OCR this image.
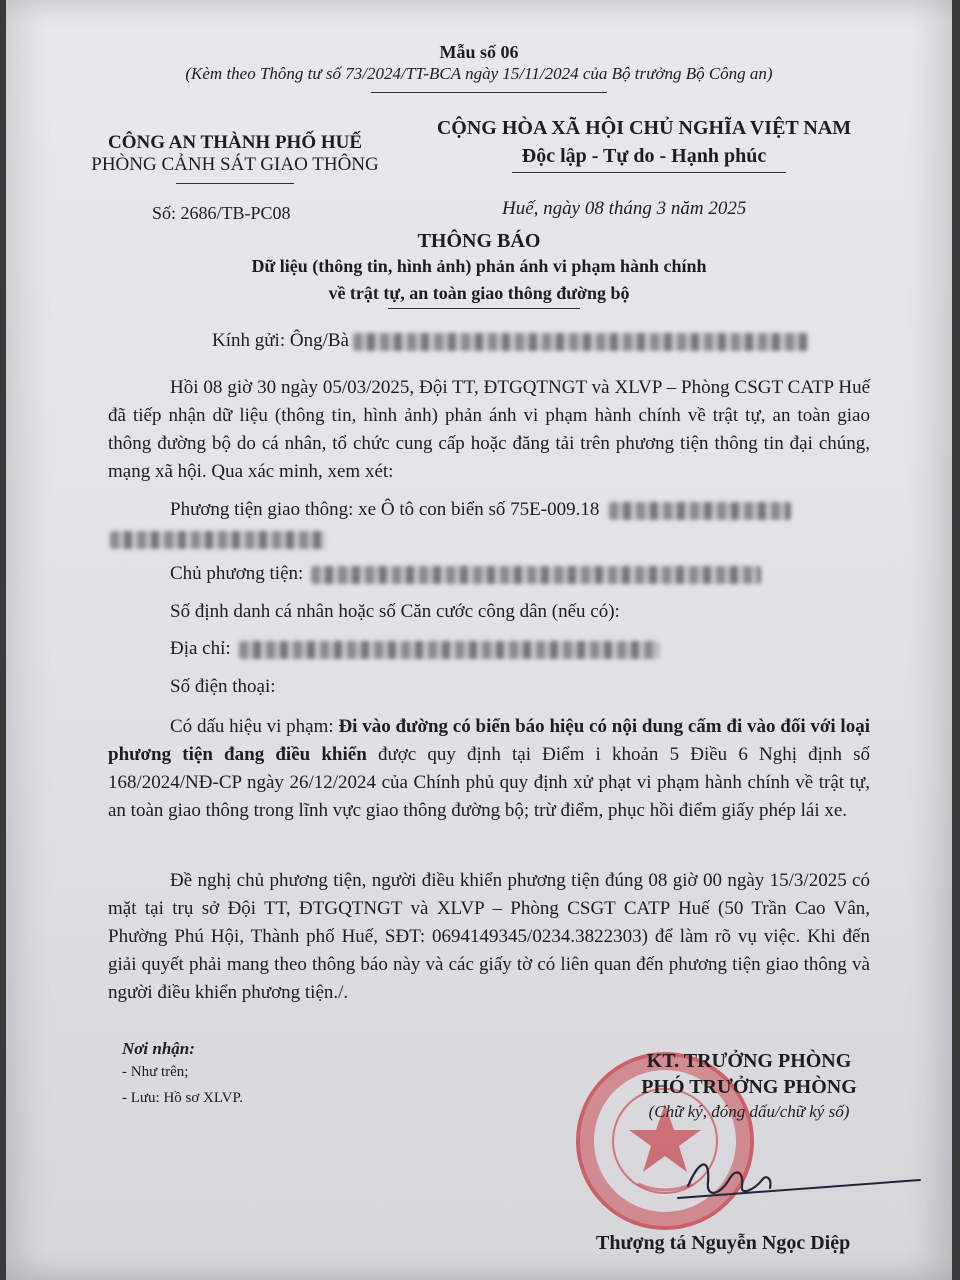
Mẫu số 06
(Kèm theo Thông tư số 73/2024/TT-BCA ngày 15/11/2024 của Bộ trưởng Bộ Công an)
CÔNG AN THÀNH PHỐ HUẾ
PHÒNG CẢNH SÁT GIAO THÔNG
Số: 2686/TB-PC08
CỘNG HÒA XÃ HỘI CHỦ NGHĨA VIỆT NAM
Độc lập - Tự do - Hạnh phúc
Huế, ngày 08 tháng 3 năm 2025
THÔNG BÁO
Dữ liệu (thông tin, hình ảnh) phản ánh vi phạm hành chính
về trật tự, an toàn giao thông đường bộ
Kính gửi: Ông/Bà
Hồi 08 giờ 30 ngày 05/03/2025, Đội TT, ĐTGQTNGT và XLVP – Phòng CSGT CATP Huế đã tiếp nhận dữ liệu (thông tin, hình ảnh) phản ánh vi phạm hành chính về trật tự, an toàn giao thông đường bộ do cá nhân, tổ chức cung cấp hoặc đăng tải trên phương tiện thông tin đại chúng, mạng xã hội. Qua xác minh, xem xét:
Phương tiện giao thông: xe Ô tô con biển số 75E-009.18
Chủ phương tiện:
Số định danh cá nhân hoặc số Căn cước công dân (nếu có):
Địa chỉ:
Số điện thoại:
Có dấu hiệu vi phạm: Đi vào đường có biển báo hiệu có nội dung cấm đi vào đối với loại phương tiện đang điều khiển được quy định tại Điểm i khoản 5 Điều 6 Nghị định số 168/2024/NĐ-CP ngày 26/12/2024 của Chính phủ quy định xử phạt vi phạm hành chính về trật tự, an toàn giao thông trong lĩnh vực giao thông đường bộ; trừ điểm, phục hồi điểm giấy phép lái xe.
Đề nghị chủ phương tiện, người điều khiển phương tiện đúng 08 giờ 00 ngày 15/3/2025 có mặt tại trụ sở Đội TT, ĐTGQTNGT và XLVP – Phòng CSGT CATP Huế (50 Trần Cao Vân, Phường Phú Hội, Thành phố Huế, SĐT: 0694149345/0234.3822303) để làm rõ vụ việc. Khi đến giải quyết phải mang theo thông báo này và các giấy tờ có liên quan đến phương tiện giao thông và người điều khiển phương tiện./.
Nơi nhận:
- Như trên;
- Lưu: Hồ sơ XLVP.
KT. TRƯỞNG PHÒNG
PHÓ TRƯỞNG PHÒNG
(Chữ ký, đóng dấu/chữ ký số)
Thượng tá Nguyễn Ngọc Diệp
